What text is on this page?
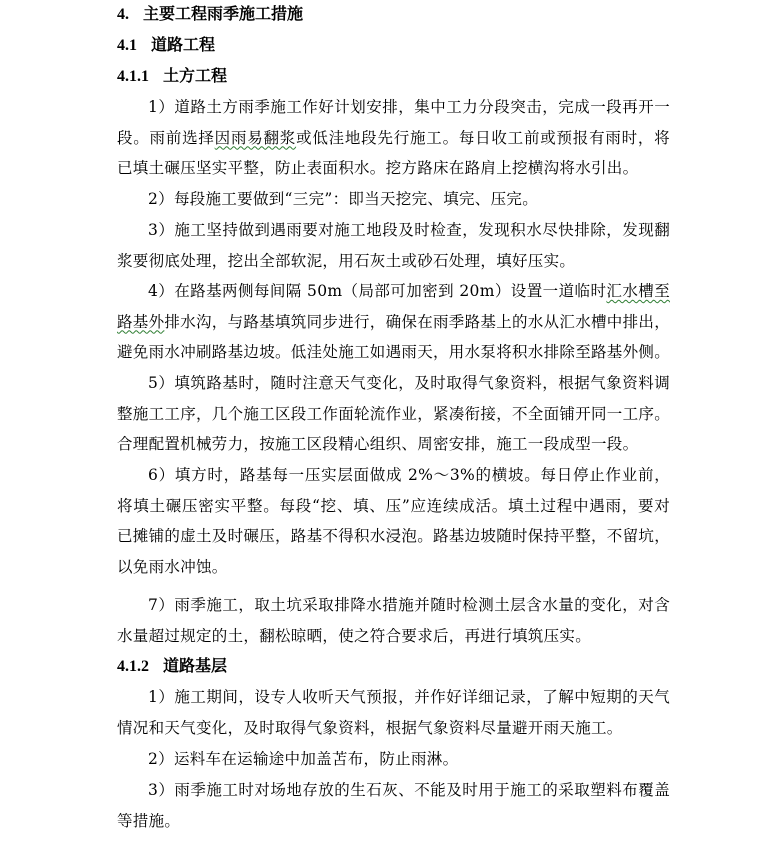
4. 主要工程雨季施工措施
4.1 道路工程
4.1.1 土方工程
1）道路土方雨季施工作好计划安排，集中工力分段突击，完成一段再开一段。雨前选择因雨易翻浆或低洼地段先行施工。每日收工前或预报有雨时，将已填土碾压坚实平整，防止表面积水。挖方路床在路肩上挖横沟将水引出。
2）每段施工要做到“三完”：即当天挖完、填完、压完。
3）施工坚持做到遇雨要对施工地段及时检查，发现积水尽快排除，发现翻浆要彻底处理，挖出全部软泥，用石灰土或砂石处理，填好压实。
4）在路基两侧每间隔 50m（局部可加密到 20m）设置一道临时汇水槽至路基外排水沟，与路基填筑同步进行，确保在雨季路基上的水从汇水槽中排出，避免雨水冲刷路基边坡。低洼处施工如遇雨天，用水泵将积水排除至路基外侧。
5）填筑路基时，随时注意天气变化，及时取得气象资料，根据气象资料调整施工工序，几个施工区段工作面轮流作业，紧凑衔接，不全面铺开同一工序。合理配置机械劳力，按施工区段精心组织、周密安排，施工一段成型一段。
6）填方时，路基每一压实层面做成 2%～3%的横坡。每日停止作业前，将填土碾压密实平整。每段“挖、填、压”应连续成活。填土过程中遇雨，要对已摊铺的虚土及时碾压，路基不得积水浸泡。路基边坡随时保持平整，不留坑，以免雨水冲蚀。
7）雨季施工，取土坑采取排降水措施并随时检测土层含水量的变化，对含水量超过规定的土，翻松晾晒，使之符合要求后，再进行填筑压实。
4.1.2 道路基层
1）施工期间，设专人收听天气预报，并作好详细记录，了解中短期的天气情况和天气变化，及时取得气象资料，根据气象资料尽量避开雨天施工。
2）运料车在运输途中加盖苫布，防止雨淋。
3）雨季施工时对场地存放的生石灰、不能及时用于施工的采取塑料布覆盖等措施。
